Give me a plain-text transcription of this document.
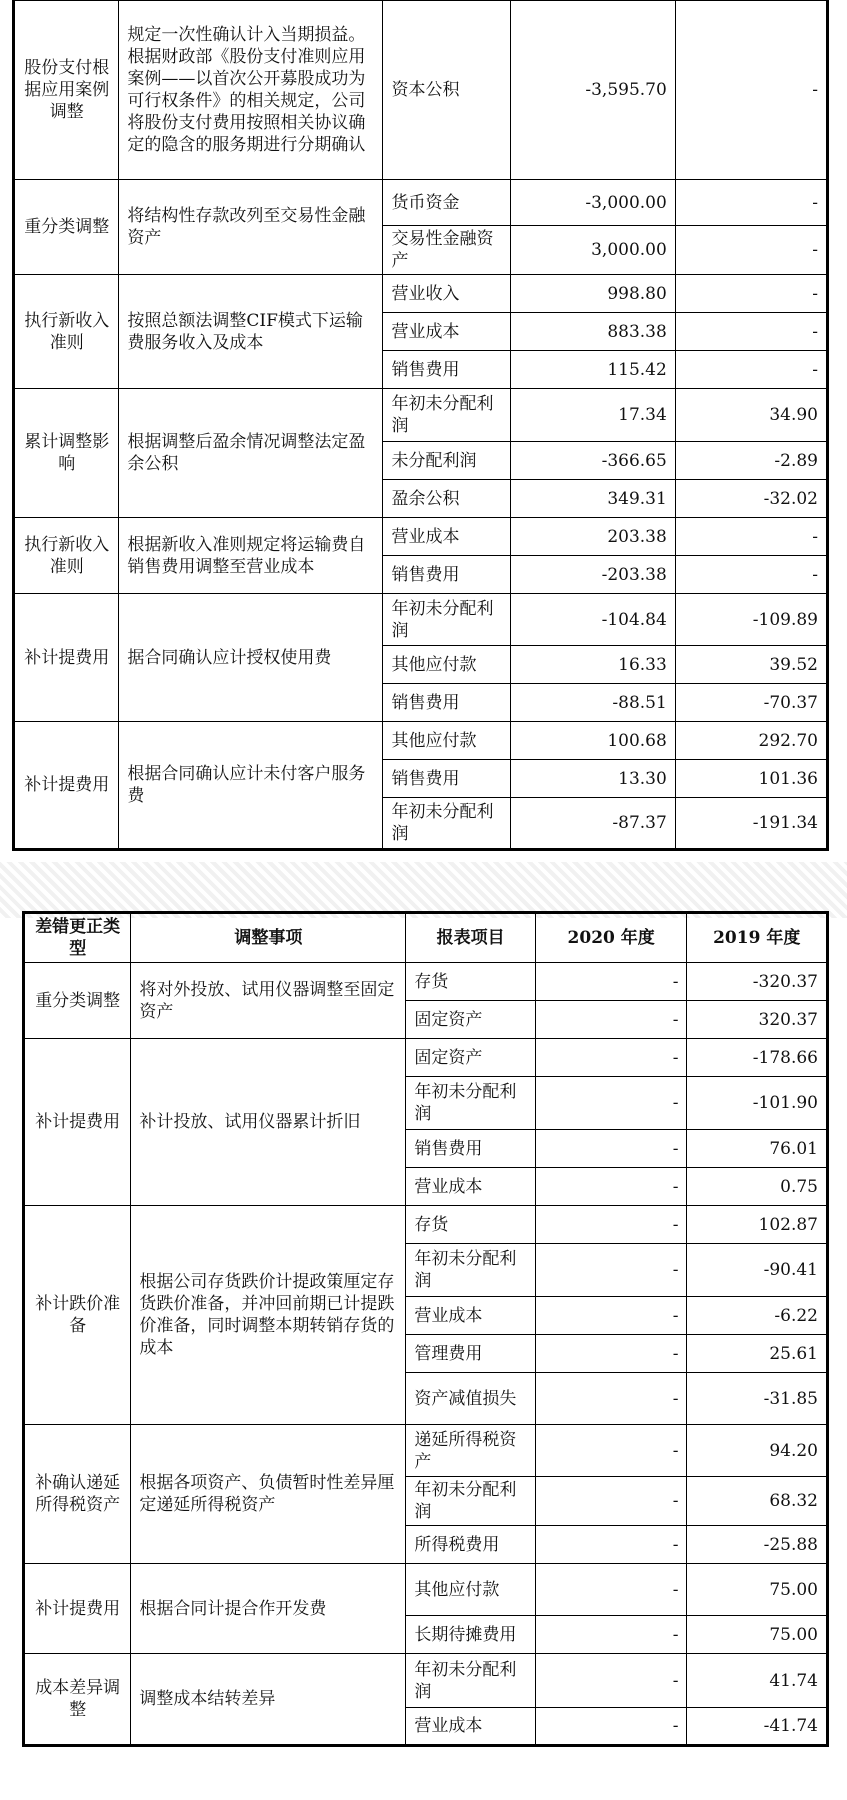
股份支付根据应用案例调整	规定一次性确认计入当期损益。根据财政部《股份支付准则应用案例——以首次公开募股成功为可行权条件》的相关规定，公司将股份支付费用按照相关协议确定的隐含的服务期进行分期确认	资本公积	-3,595.70	-
重分类调整	将结构性存款改列至交易性金融资产	货币资金	-3,000.00	-
		交易性金融资产	3,000.00	-
执行新收入准则	按照总额法调整CIF模式下运输费服务收入及成本	营业收入	998.80	-
		营业成本	883.38	-
		销售费用	115.42	-
累计调整影响	根据调整后盈余情况调整法定盈余公积	年初未分配利润	17.34	34.90
		未分配利润	-366.65	-2.89
		盈余公积	349.31	-32.02
执行新收入准则	根据新收入准则规定将运输费自销售费用调整至营业成本	营业成本	203.38	-
		销售费用	-203.38	-
补计提费用	据合同确认应计授权使用费	年初未分配利润	-104.84	-109.89
		其他应付款	16.33	39.52
		销售费用	-88.51	-70.37
补计提费用	根据合同确认应计未付客户服务费	其他应付款	100.68	292.70
		销售费用	13.30	101.36
		年初未分配利润	-87.37	-191.34
差错更正类型	调整事项	报表项目	2020 年度	2019 年度
重分类调整	将对外投放、试用仪器调整至固定资产	存货	-	-320.37
		固定资产	-	320.37
补计提费用	补计投放、试用仪器累计折旧	固定资产	-	-178.66
		年初未分配利润	-	-101.90
		销售费用	-	76.01
		营业成本	-	0.75
补计跌价准备	根据公司存货跌价计提政策厘定存货跌价准备，并冲回前期已计提跌价准备，同时调整本期转销存货的成本	存货	-	102.87
		年初未分配利润	-	-90.41
		营业成本	-	-6.22
		管理费用	-	25.61
		资产减值损失	-	-31.85
补确认递延所得税资产	根据各项资产、负债暂时性差异厘定递延所得税资产	递延所得税资产	-	94.20
		年初未分配利润	-	68.32
		所得税费用	-	-25.88
补计提费用	根据合同计提合作开发费	其他应付款	-	75.00
		长期待摊费用	-	75.00
成本差异调整	调整成本结转差异	年初未分配利润	-	41.74
		营业成本	-	-41.74
